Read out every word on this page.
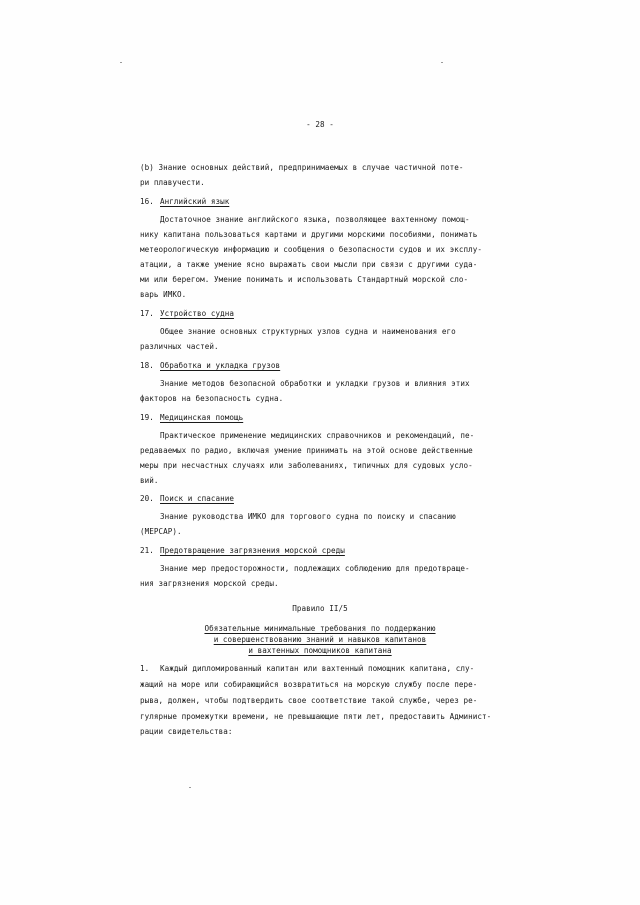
- 28 -
(b) Знание основных действий, предпринимаемых в случае частичной поте-
ри плавучести.
16. Английский язык
Достаточное знание английского языка, позволяющее вахтенному помощ-
нику капитана пользоваться картами и другими морскими пособиями, понимать
метеорологическую информацию и сообщения о безопасности судов и их эксплу-
атации, а также умение ясно выражать свои мысли при связи с другими суда-
ми или берегом. Умение понимать и использовать Стандартный морской сло-
варь ИМКО.
17. Устройство судна
Общее знание основных структурных узлов судна и наименования его
различных частей.
18. Обработка и укладка грузов
Знание методов безопасной обработки и укладки грузов и влияния этих
факторов на безопасность судна.
19. Медицинская помощь
Практическое применение медицинских справочников и рекомендаций, пе-
редаваемых по радио, включая умение принимать на этой основе действенные
меры при несчастных случаях или заболеваниях, типичных для судовых усло-
вий.
20. Поиск и спасание
Знание руководства ИМКО для торгового судна по поиску и спасанию
(МЕРСАР).
21. Предотвращение загрязнения морской среды
Знание мер предосторожности, подлежащих соблюдению для предотвраще-
ния загрязнения морской среды.
Правило II/5
Обязательные минимальные требования по поддержанию
и совершенствованию знаний и навыков капитанов
и вахтенных помощников капитана
1. Каждый дипломированный капитан или вахтенный помощник капитана, слу-
жащий на море или собирающийся возвратиться на морскую службу после пере-
рыва, должен, чтобы подтвердить свое соответствие такой службе, через ре-
гулярные промежутки времени, не превышающие пяти лет, предоставить Админист-
рации свидетельства:
